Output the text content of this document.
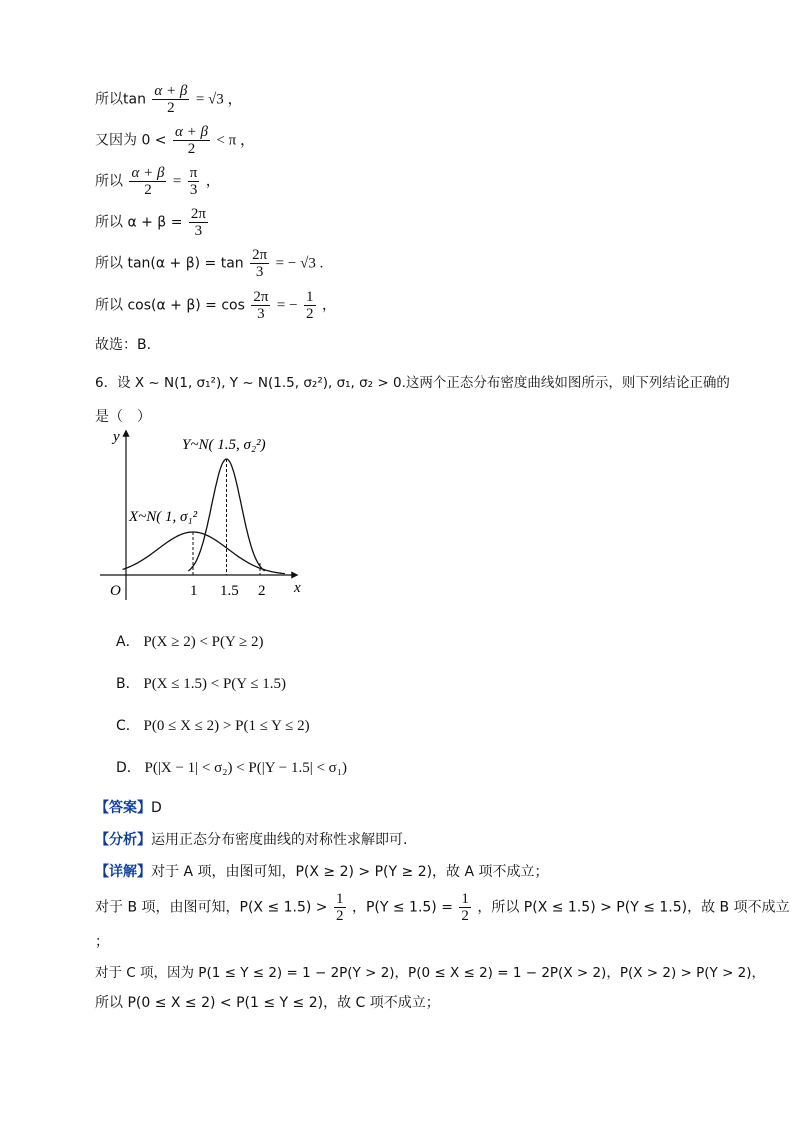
所以$\tan \frac{\alpha + \beta}{2} = √3$ ，
又因为 $0 < \frac{\alpha + \beta}{2} < \pi$ ，
所以 $\frac{\alpha + \beta}{2} = \frac{\pi}{3}$ ，
所以 $\alpha + \beta = \frac{2\pi}{3}$
所以 $\tan(\alpha + \beta) = \tan \frac{2\pi}{3}$ = − √3 .
所以 $\cos(\alpha + \beta) = \cos \frac{2\pi}{3}$ = − $\frac{1}{2}$ ，
故选：B.
6．设 X ~ N(1, σ₁²), Y ~ N(1.5, σ₂²), σ₁, σ₂ > 0.这两个正态分布密度曲线如图所示，则下列结论正确的
是（　）
y
x
O	1 1.5 2
Y~N( 1.5, σ₂²)
X~N( 1, σ₁²
A． P(X ≥ 2) < P(Y ≥ 2)
B． P(X ≤ 1.5) < P(Y ≤ 1.5)
C． P(0 ≤ X ≤ 2) > P(1 ≤ Y ≤ 2)
D． P(|X − 1| < σ₂) < P(|Y − 1.5| < σ₁)
【答案】D
【分析】运用正态分布密度曲线的对称性求解即可.
【详解】对于 A 项，由图可知，P(X ≥ 2) > P(Y ≥ 2)，故 A 项不成立；
对于 B 项，由图可知，$P(X \le 1.5) > \frac{1}{2}$ ，$P(Y \le 1.5) = \frac{1}{2}$ ，所以 P(X ≤ 1.5) > P(Y ≤ 1.5)，故 B 项不成立
；
对于 C 项，因为 P(1 ≤ Y ≤ 2) = 1 − 2P(Y > 2)，P(0 ≤ X ≤ 2) = 1 − 2P(X > 2)，P(X > 2) > P(Y > 2)，
所以 P(0 ≤ X ≤ 2) < P(1 ≤ Y ≤ 2)，故 C 项不成立；
